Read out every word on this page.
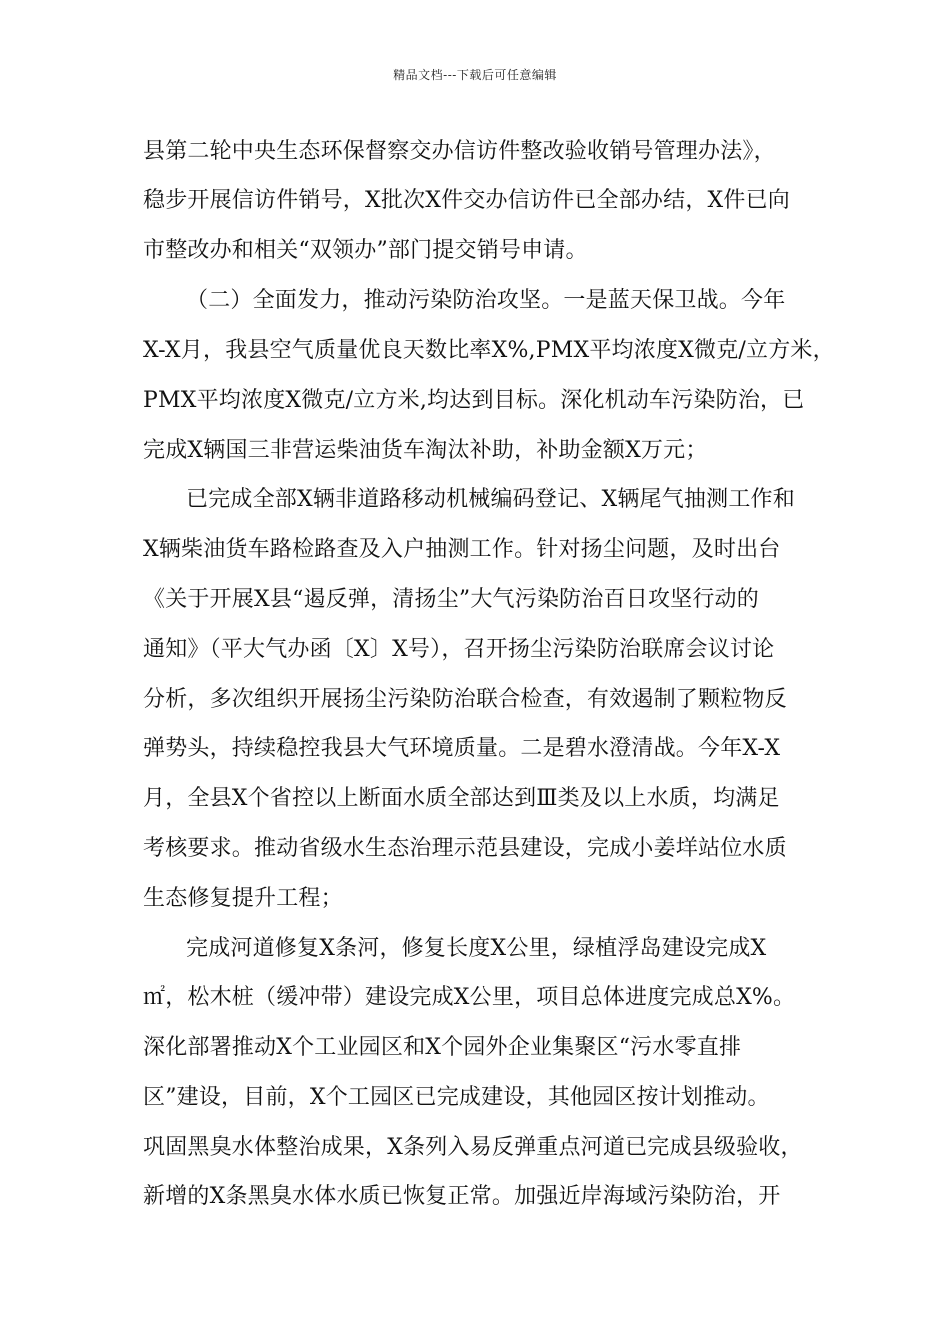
精品文档---下载后可任意编辑
县第二轮中央生态环保督察交办信访件整改验收销号管理办法》，
稳步开展信访件销号，X批次X件交办信访件已全部办结，X件已向
市整改办和相关“双领办”部门提交销号申请。
（二）全面发力，推动污染防治攻坚。一是蓝天保卫战。今年
X-X月，我县空气质量优良天数比率X%,PMX平均浓度X微克/立方米，
PMX平均浓度X微克/立方米,均达到目标。深化机动车污染防治，已
完成X辆国三非营运柴油货车淘汰补助，补助金额X万元；
已完成全部X辆非道路移动机械编码登记、X辆尾气抽测工作和
X辆柴油货车路检路查及入户抽测工作。针对扬尘问题，及时出台
《关于开展X县“遏反弹，清扬尘”大气污染防治百日攻坚行动的
通知》（平大气办函〔X〕X号），召开扬尘污染防治联席会议讨论
分析，多次组织开展扬尘污染防治联合检查，有效遏制了颗粒物反
弹势头，持续稳控我县大气环境质量。二是碧水澄清战。今年X-X
月，全县X个省控以上断面水质全部达到Ⅲ类及以上水质，均满足
考核要求。推动省级水生态治理示范县建设，完成小姜垟站位水质
生态修复提升工程；
完成河道修复X条河，修复长度X公里，绿植浮岛建设完成X
㎡，松木桩（缓冲带）建设完成X公里，项目总体进度完成总X%。
深化部署推动X个工业园区和X个园外企业集聚区“污水零直排
区”建设，目前，X个工园区已完成建设，其他园区按计划推动。
巩固黑臭水体整治成果，X条列入易反弹重点河道已完成县级验收，
新增的X条黑臭水体水质已恢复正常。加强近岸海域污染防治，开
